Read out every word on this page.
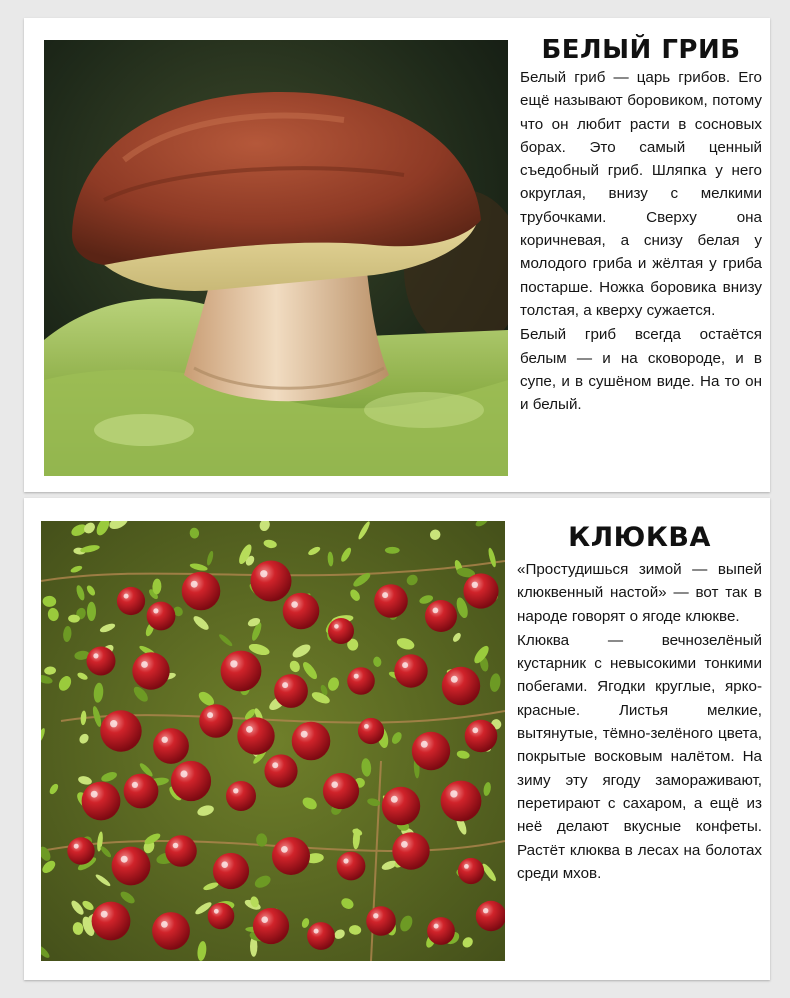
БЕЛЫЙ ГРИБ

Белый гриб — царь грибов. Его ещё называют боровиком, потому что он любит расти в сосновых борах. Это самый ценный съедобный гриб. Шляпка у него округлая, внизу с мелкими трубочками. Сверху она коричневая, а снизу белая у молодого гриба и жёлтая у гриба постарше. Ножка боровика внизу толстая, а кверху сужается.

Белый гриб всегда остаётся белым — и на сковороде, и в супе, и в сушёном виде. На то он и белый.

КЛЮКВА

«Простудишься зимой — выпей клюквенный настой» — вот так в народе говорят о ягоде клюкве.

Клюква — вечнозелёный кустарник с невысокими тонкими побегами. Ягодки круглые, ярко-красные. Листья мелкие, вытянутые, тёмно-зелёного цвета, покрытые восковым налётом. На зиму эту ягоду замораживают, перетирают с сахаром, а ещё из неё делают вкусные конфеты. Растёт клюква в лесах на болотах среди мхов.
